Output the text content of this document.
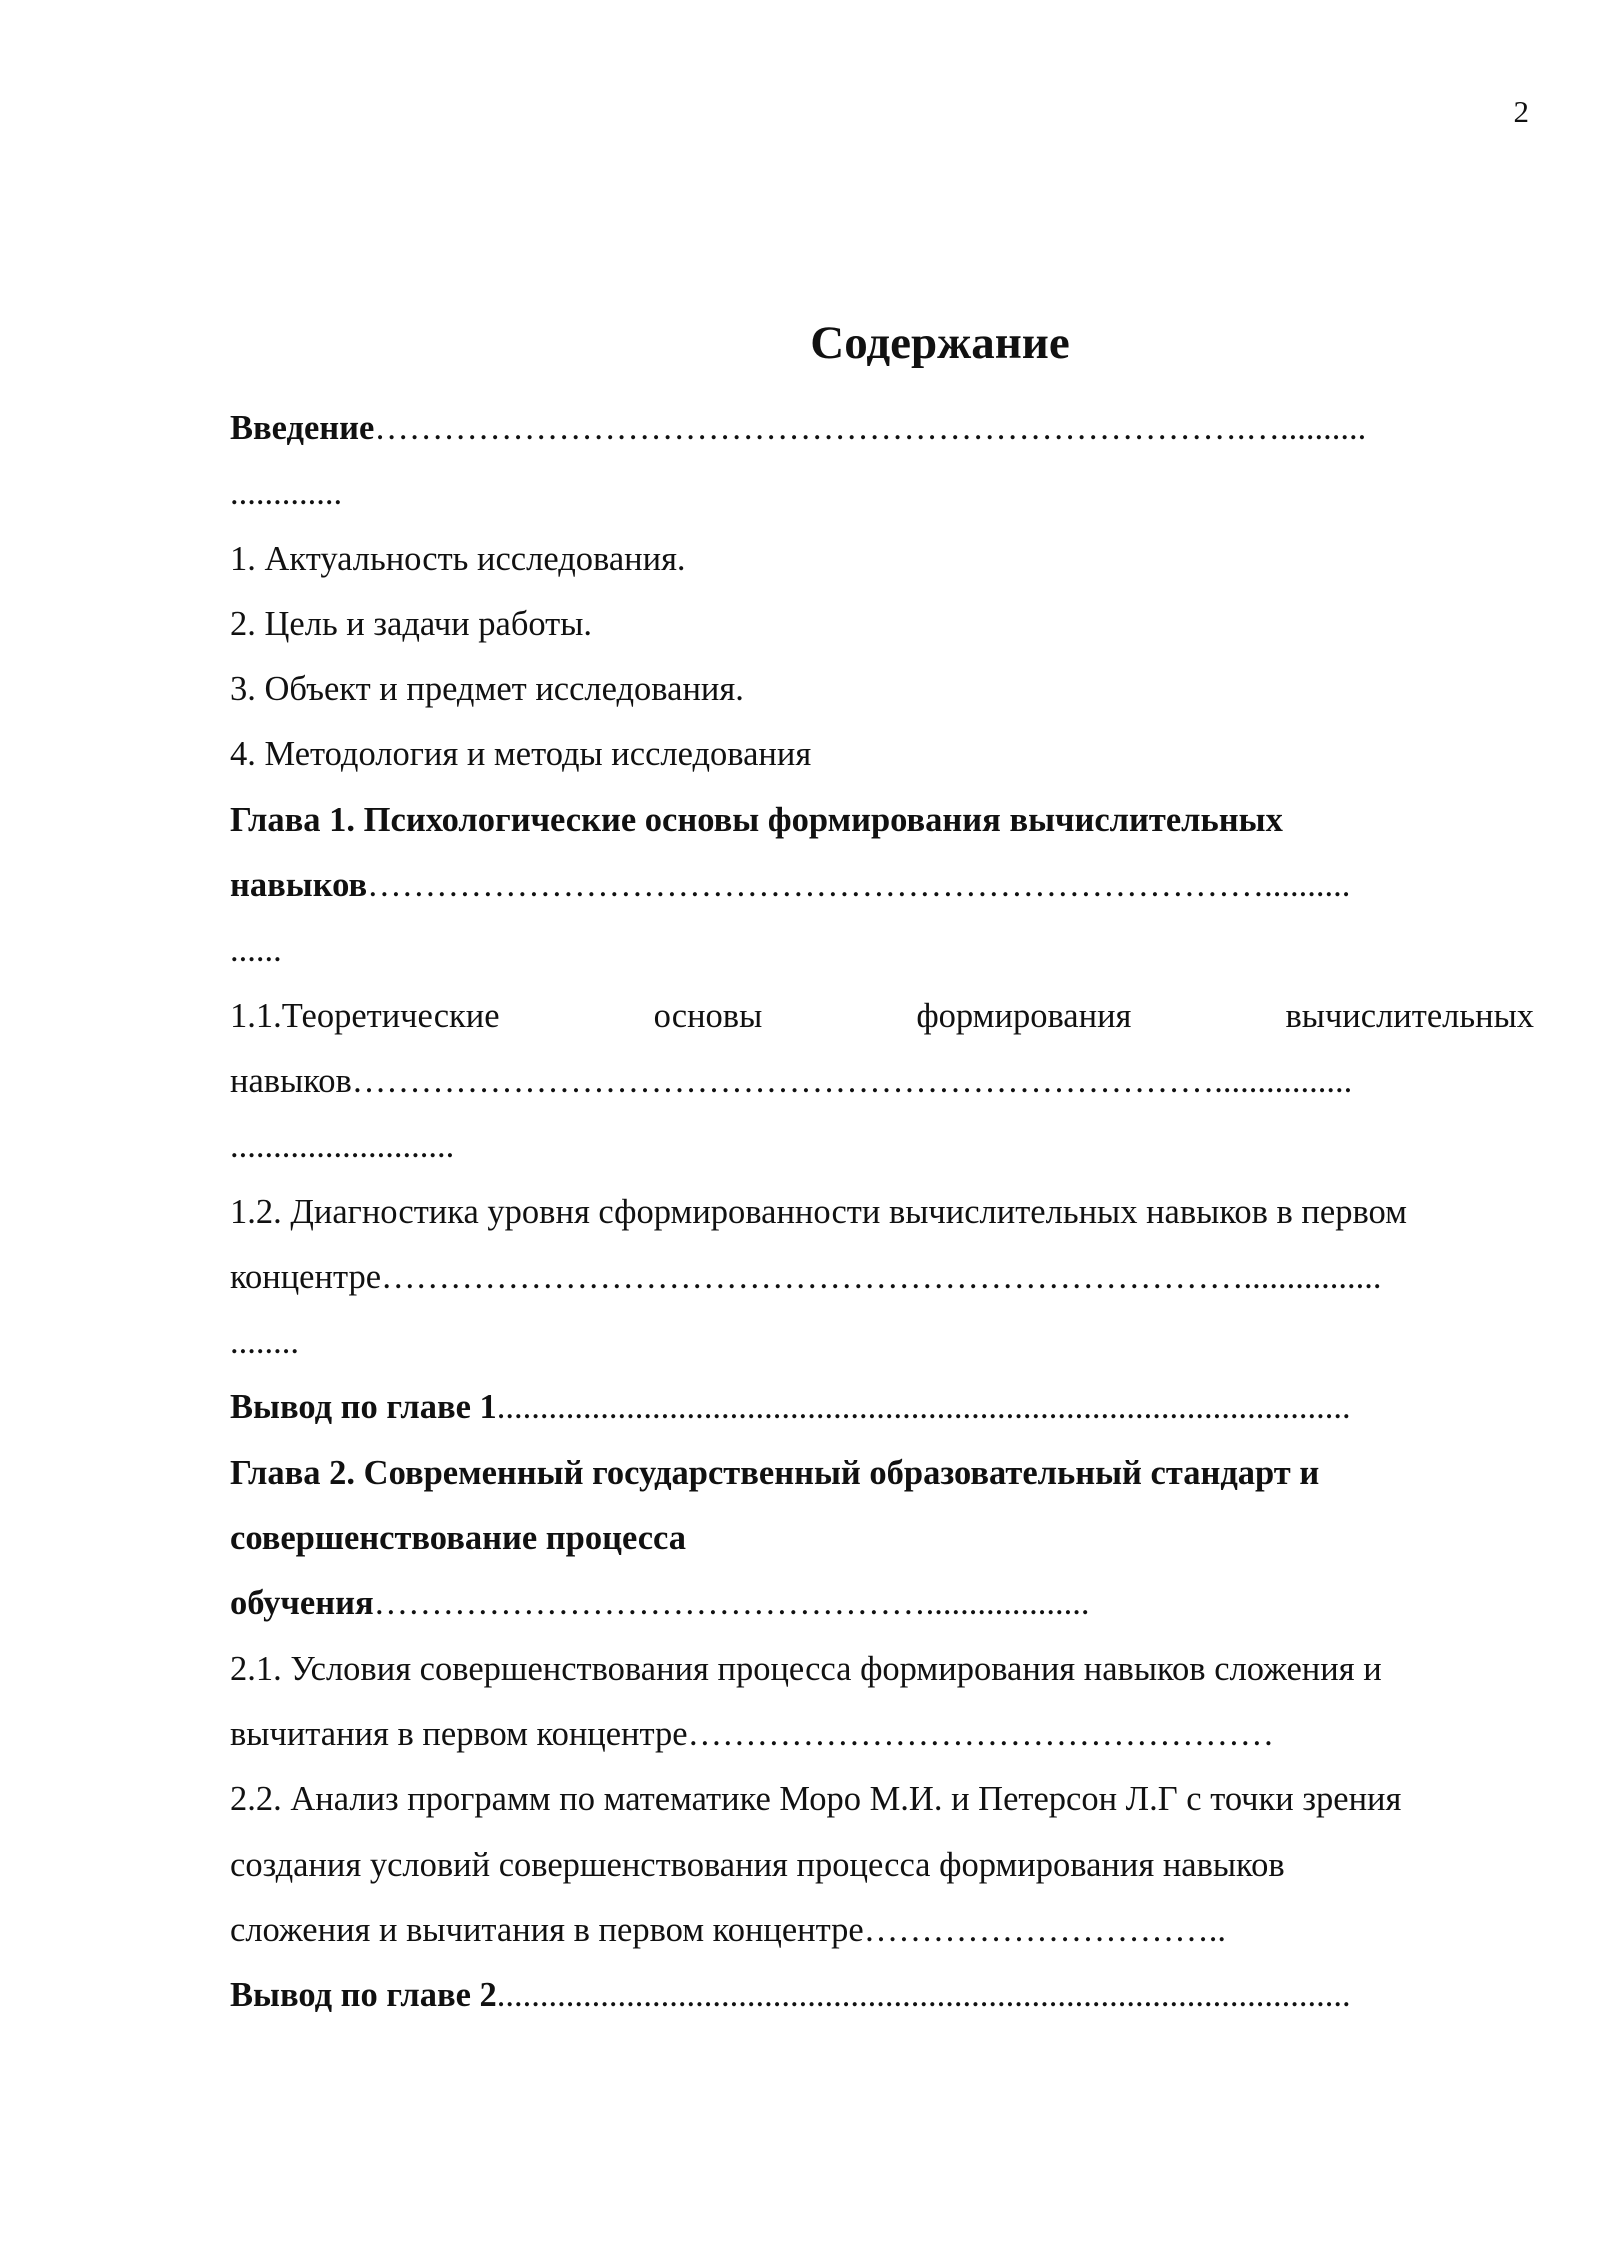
2
Содержание
Введение………………………………………………………………….…..........
.............
1. Актуальность исследования.
2. Цель и задачи работы.
3. Объект и предмет исследования.
4. Методология и методы исследования
Глава 1. Психологические основы формирования вычислительных
навыков……………………………………………………………………..........
......
1.1.Теоретические	основы	формирования	вычислительных
навыков…………………………………………………………………................
..........................
1.2. Диагностика уровня сформированности вычислительных навыков в первом
концентре…………………………………………………………………................
........
Вывод по главе 1...................................................................................................
Глава 2. Современный государственный образовательный стандарт и
совершенствование процесса
обучения…………………………………………...................
2.1. Условия совершенствования процесса формирования навыков сложения и
вычитания в первом концентре……………………………………………
2.2. Анализ программ по математике Моро М.И. и Петерсон Л.Г с точки зрения
создания условий совершенствования процесса формирования навыков
сложения и вычитания в первом концентре…………………………..
Вывод по главе 2...................................................................................................
